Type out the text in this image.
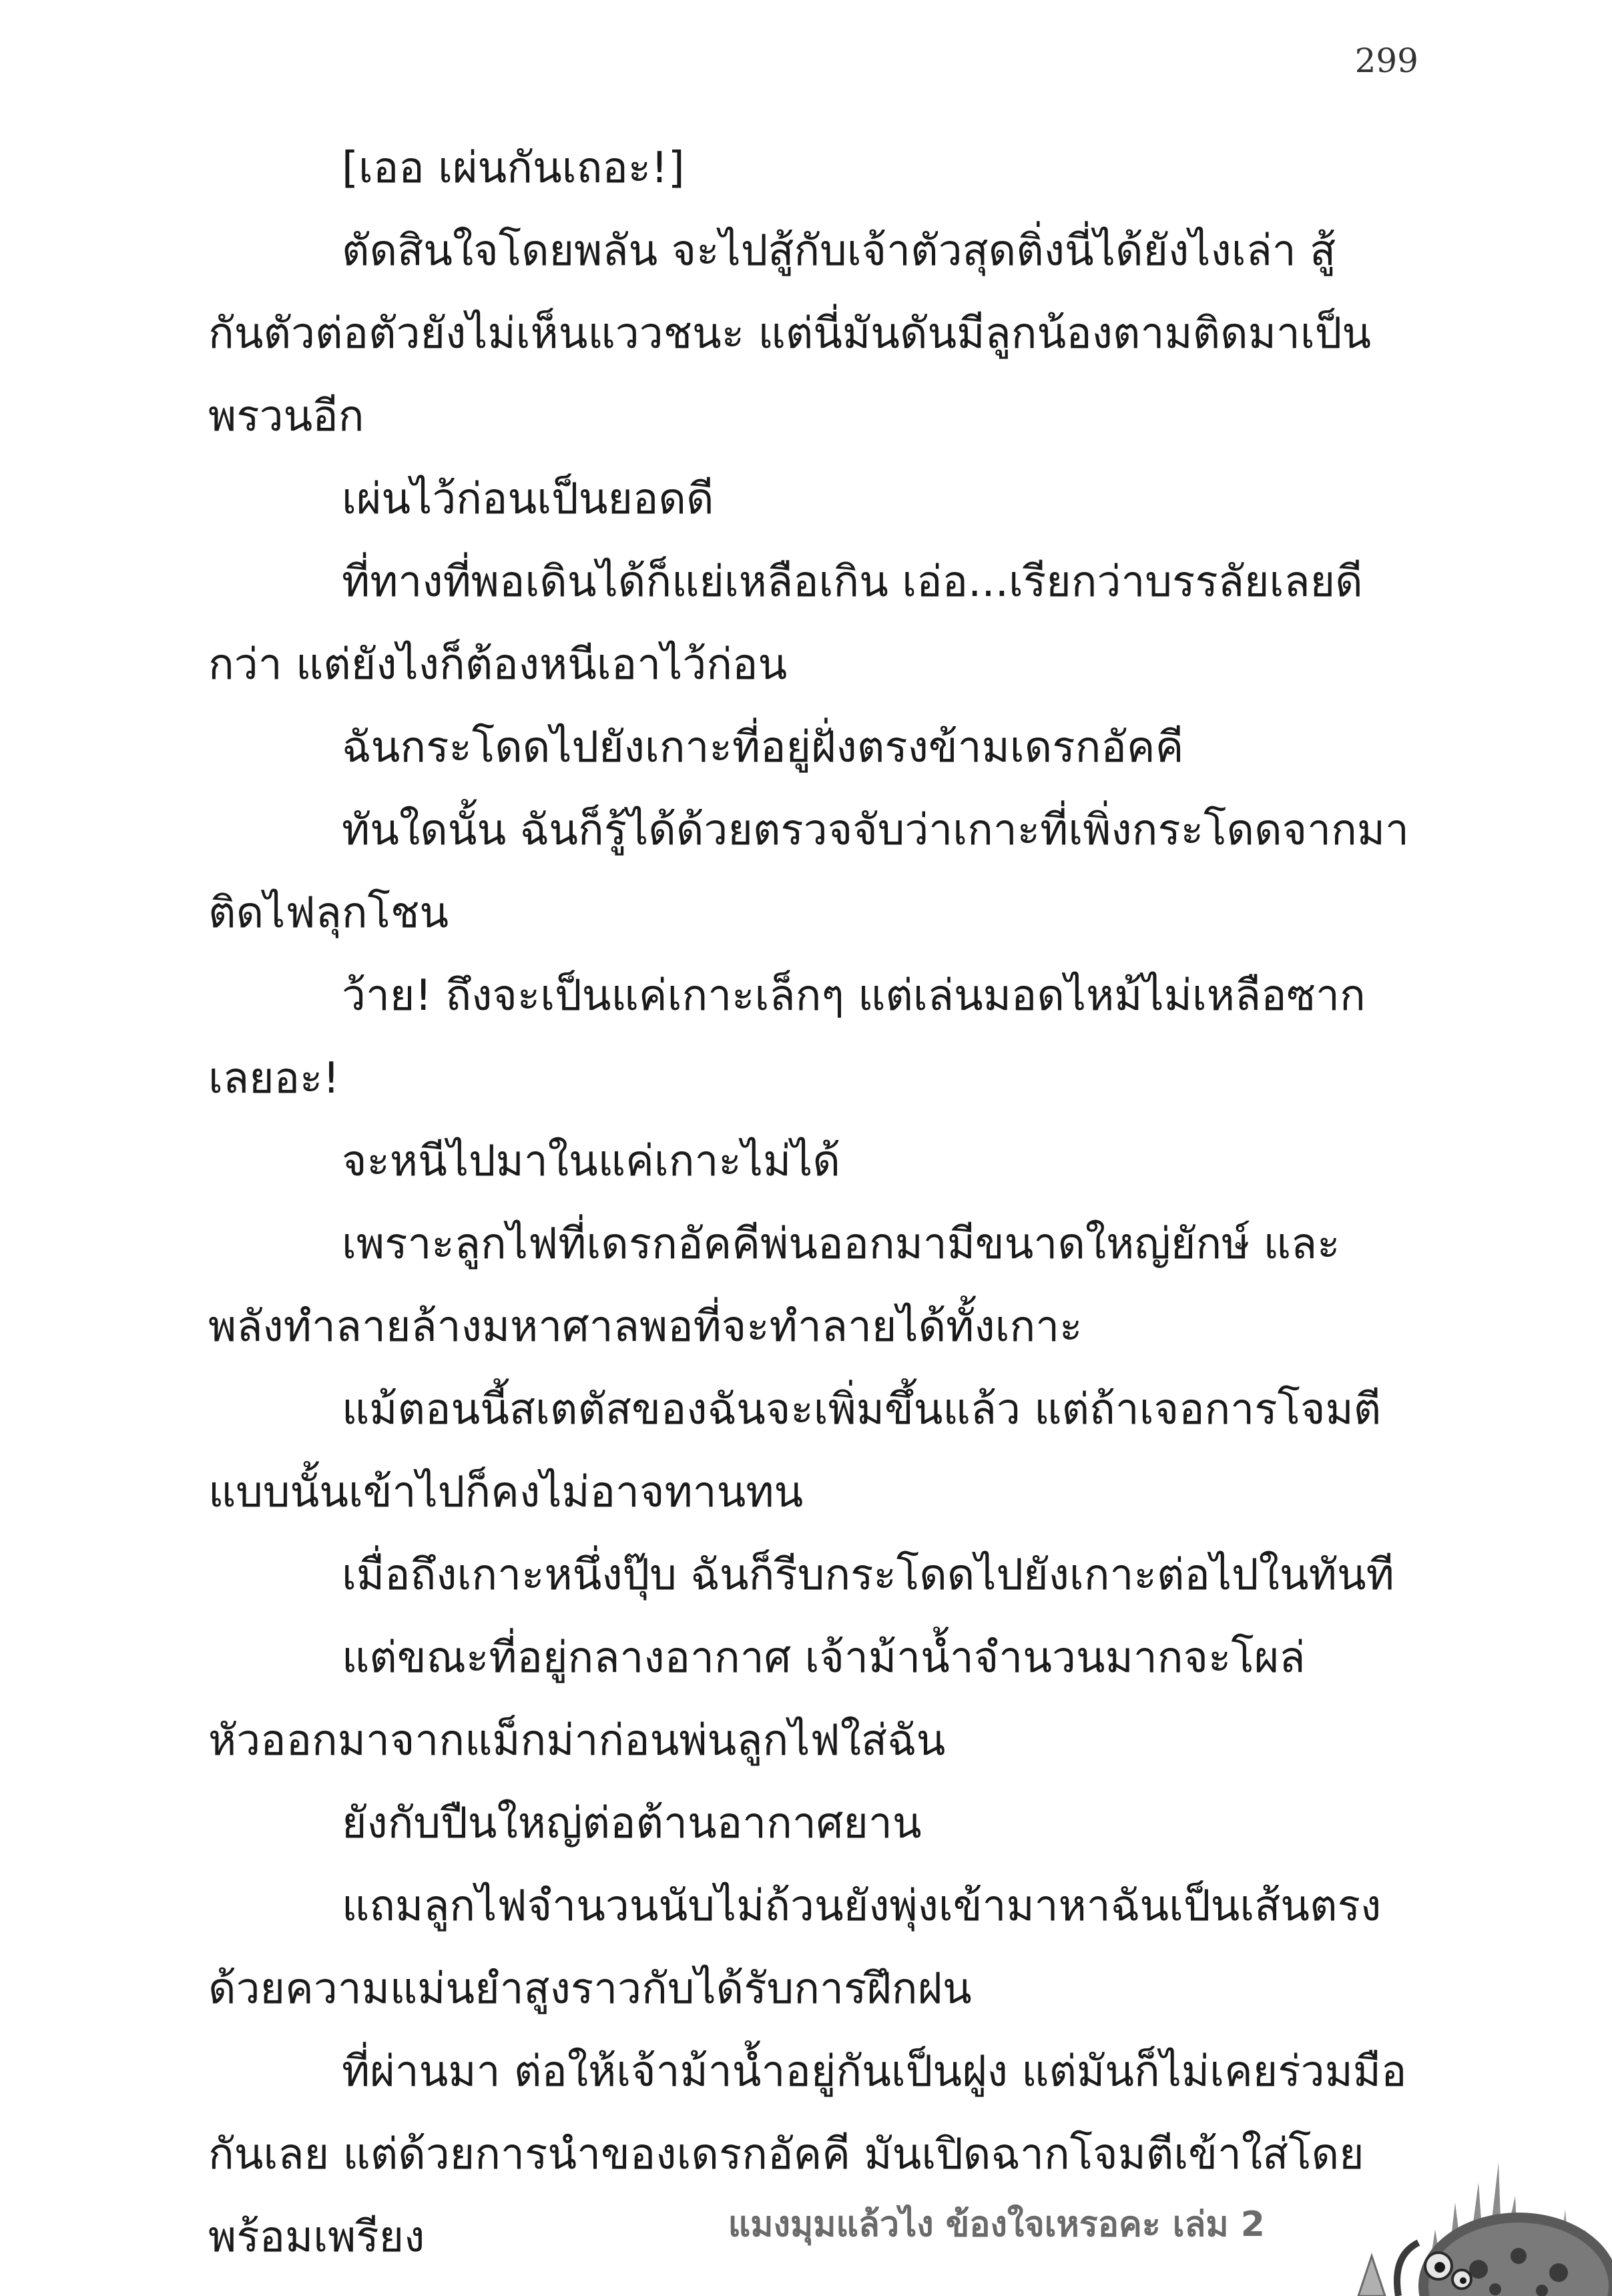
299

[เออ เผ่นกันเถอะ!]

ตัดสินใจโดยพลัน จะไปสู้กับเจ้าตัวสุดติ่งนี่ได้ยังไงเล่า สู้กันตัวต่อตัวยังไม่เห็นแววชนะ แต่นี่มันดันมีลูกน้องตามติดมาเป็นพรวนอีก

เผ่นไว้ก่อนเป็นยอดดี

ที่ทางที่พอเดินได้ก็แย่เหลือเกิน เอ่อ...เรียกว่าบรรลัยเลยดีกว่า แต่ยังไงก็ต้องหนีเอาไว้ก่อน

ฉันกระโดดไปยังเกาะที่อยู่ฝั่งตรงข้ามเดรกอัคคี

ทันใดนั้น ฉันก็รู้ได้ด้วยตรวจจับว่าเกาะที่เพิ่งกระโดดจากมาติดไฟลุกโชน

ว้าย! ถึงจะเป็นแค่เกาะเล็กๆ แต่เล่นมอดไหม้ไม่เหลือซากเลยอะ!

จะหนีไปมาในแค่เกาะไม่ได้

เพราะลูกไฟที่เดรกอัคคีพ่นออกมามีขนาดใหญ่ยักษ์ และพลังทำลายล้างมหาศาลพอที่จะทำลายได้ทั้งเกาะ

แม้ตอนนี้สเตตัสของฉันจะเพิ่มขึ้นแล้ว แต่ถ้าเจอการโจมตีแบบนั้นเข้าไปก็คงไม่อาจทานทน

เมื่อถึงเกาะหนึ่งปุ๊บ ฉันก็รีบกระโดดไปยังเกาะต่อไปในทันที

แต่ขณะที่อยู่กลางอากาศ เจ้าม้าน้ำจำนวนมากจะโผล่หัวออกมาจากแม็กม่าก่อนพ่นลูกไฟใส่ฉัน

ยังกับปืนใหญ่ต่อต้านอากาศยาน

แถมลูกไฟจำนวนนับไม่ถ้วนยังพุ่งเข้ามาหาฉันเป็นเส้นตรงด้วยความแม่นยำสูงราวกับได้รับการฝึกฝน

ที่ผ่านมา ต่อให้เจ้าม้าน้ำอยู่กันเป็นฝูง แต่มันก็ไม่เคยร่วมมือกันเลย แต่ด้วยการนำของเดรกอัคคี มันเปิดฉากโจมตีเข้าใส่โดยพร้อมเพรียง	แมงมุมแล้วไง ข้องใจเหรอคะ เล่ม 2
